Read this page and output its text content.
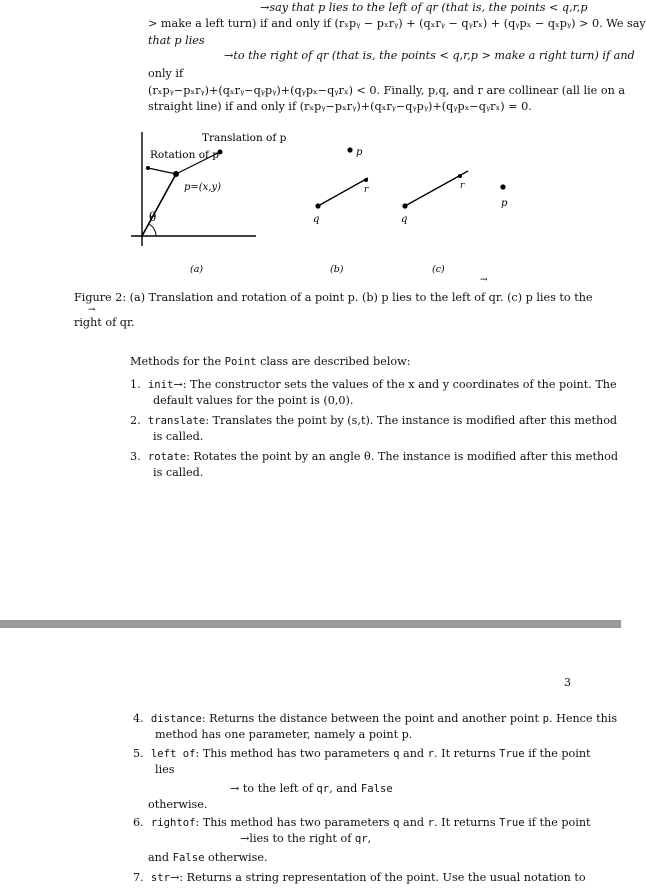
→say that p lies to the left of qr (that is, the points < q,r,p
> make a left turn) if and only if (rₓpᵧ − pₓrᵧ) + (qₓrᵧ − qᵧrₓ) + (qᵧpₓ − qₓpᵧ) > 0. We say
that p lies
→to the right of qr (that is, the points < q,r,p > make a right turn) if and
only if
(rₓpᵧ−pₓrᵧ)+(qₓrᵧ−qᵧpᵧ)+(qᵧpₓ−qᵧrₓ) < 0. Finally, p,q, and r are collinear (all lie on a
straight line) if and only if (rₓpᵧ−pₓrᵧ)+(qₓrᵧ−qᵧpᵧ)+(qᵧpₓ−qᵧrₓ) = 0.
θ
Translation of p
Rotation of p
p=(x,y)
p
q
r
p
q
r
(a)	(b)	(c)
→
→
Figure 2: (a) Translation and rotation of a point p. (b) p lies to the left of qr. (c) p lies to the
right of qr.
Methods for the Point class are described below:
1. init→: The constructor sets the values of the x and y coordinates of the point. The
default values for the point is (0,0).
2. translate: Translates the point by (s,t). The instance is modified after this method
is called.
3. rotate: Rotates the point by an angle θ. The instance is modified after this method
is called.
3
4. distance: Returns the distance between the point and another point p. Hence this
method has one parameter, namely a point p.
5. left of: This method has two parameters q and r. It returns True if the point
lies
→ to the left of qr, and False
otherwise.
6. rightof: This method has two parameters q and r. It returns True if the point
→lies to the right of qr,
and False otherwise.
7. str→: Returns a string representation of the point. Use the usual notation to
